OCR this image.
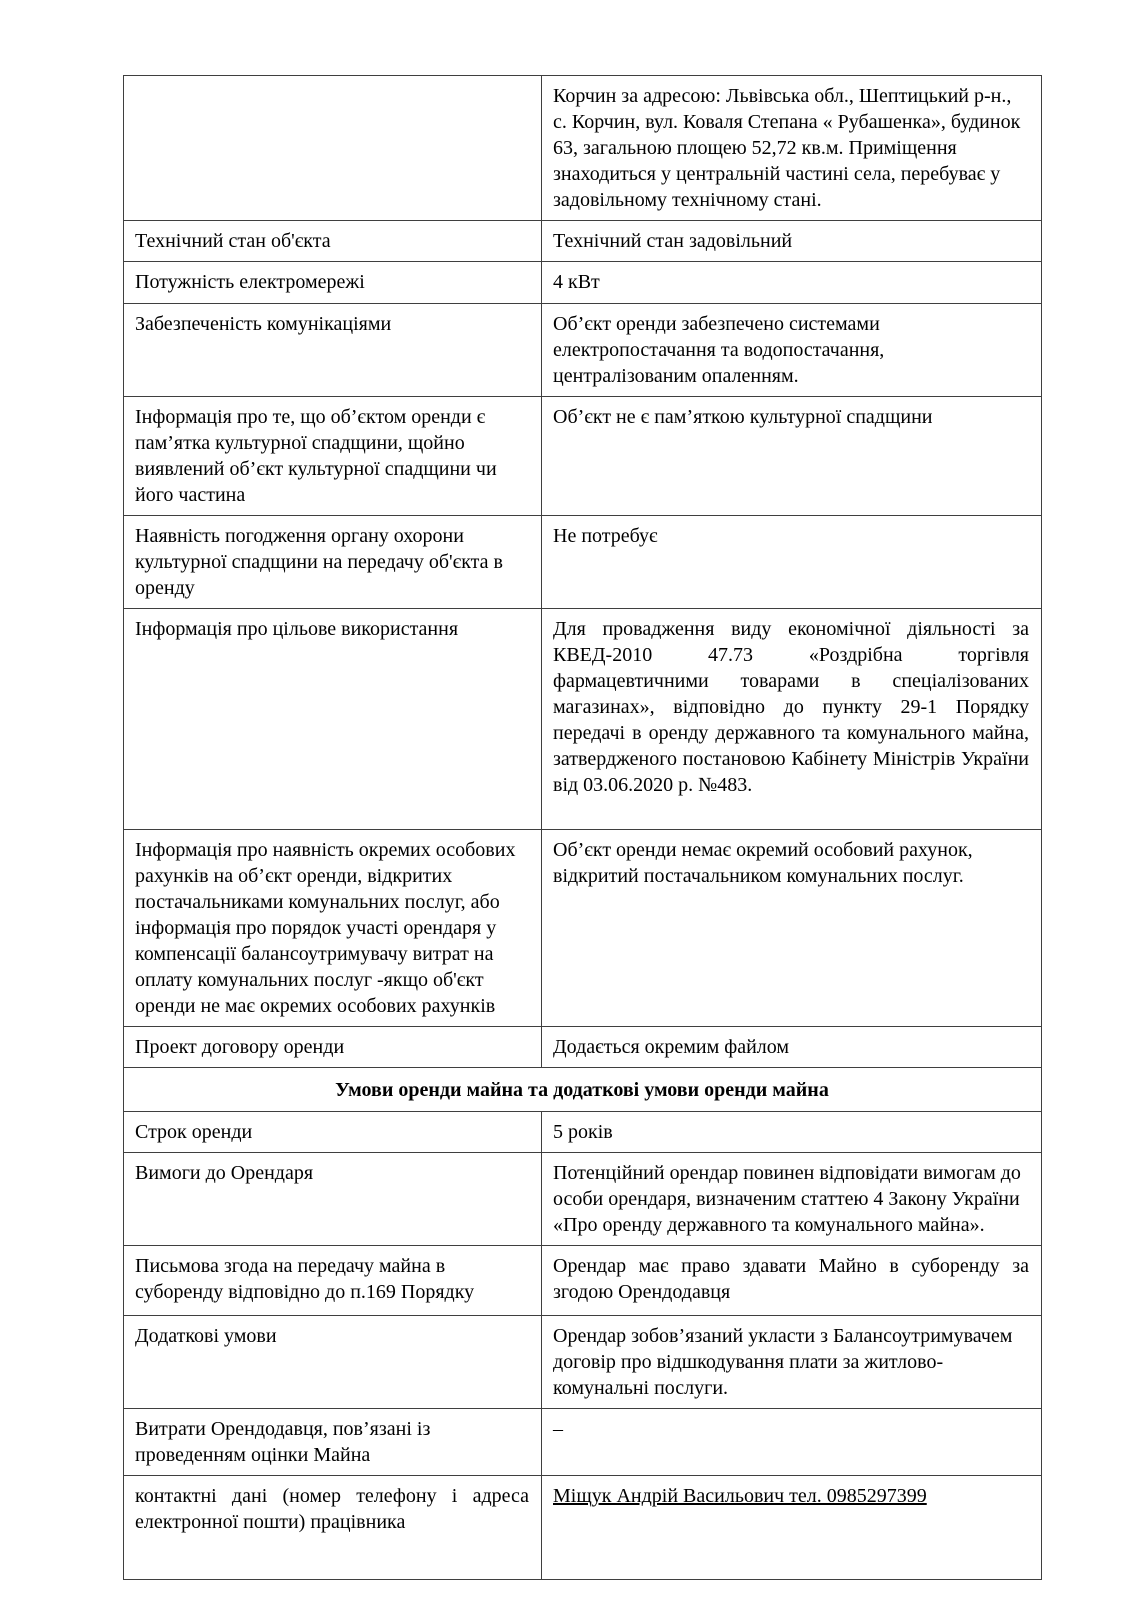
	Корчин за адресою: Львівська обл., Шептицький р-н., с. Корчин, вул. Коваля Степана « Рубашенка», будинок 63, загальною площею 52,72 кв.м. Приміщення знаходиться у центральній частині села, перебуває у задовільному технічному стані.
Технічний стан об'єкта	Технічний стан задовільний
Потужність електромережі	4 кВт
Забезпеченість комунікаціями	Об’єкт оренди забезпечено системами електропостачання та водопостачання, централізованим опаленням.
Інформація про те, що об’єктом оренди є пам’ятка культурної спадщини, щойно виявлений об’єкт культурної спадщини чи його частина	Об’єкт не є пам’яткою культурної спадщини
Наявність погодження органу охорони культурної спадщини на передачу об'єкта в оренду	Не потребує
Інформація про цільове використання	Для провадження виду економічної діяльності за КВЕД-2010 47.73 «Роздрібна торгівля фармацевтичними товарами в спеціалізованих магазинах», відповідно до пункту 29-1 Порядку передачі в оренду державного та комунального майна, затвердженого постановою Кабінету Міністрів України від 03.06.2020 р. №483.
Інформація про наявність окремих особових рахунків на об’єкт оренди, відкритих постачальниками комунальних послуг, або інформація про порядок участі орендаря у компенсації балансоутримувачу витрат на оплату комунальних послуг -якщо об'єкт оренди не має окремих особових рахунків	Об’єкт оренди немає окремий особовий рахунок, відкритий постачальником комунальних послуг.
Проект договору оренди	Додається окремим файлом
Умови оренди майна та додаткові умови оренди майна	
Строк оренди	5 років
Вимоги до Орендаря	Потенційний орендар повинен відповідати вимогам до особи орендаря, визначеним статтею 4 Закону України «Про оренду державного та комунального майна».
Письмова згода на передачу майна в суборенду відповідно до п.169 Порядку	Орендар має право здавати Майно в суборенду за згодою Орендодавця
Додаткові умови	Орендар зобов’язаний укласти з Балансоутримувачем договір про відшкодування плати за житлово-комунальні послуги.
Витрати Орендодавця, пов’язані із проведенням оцінки Майна	–
контактні дані (номер телефону і адреса електронної пошти) працівника	Міщук Андрій Васильович тел. 0985297399
